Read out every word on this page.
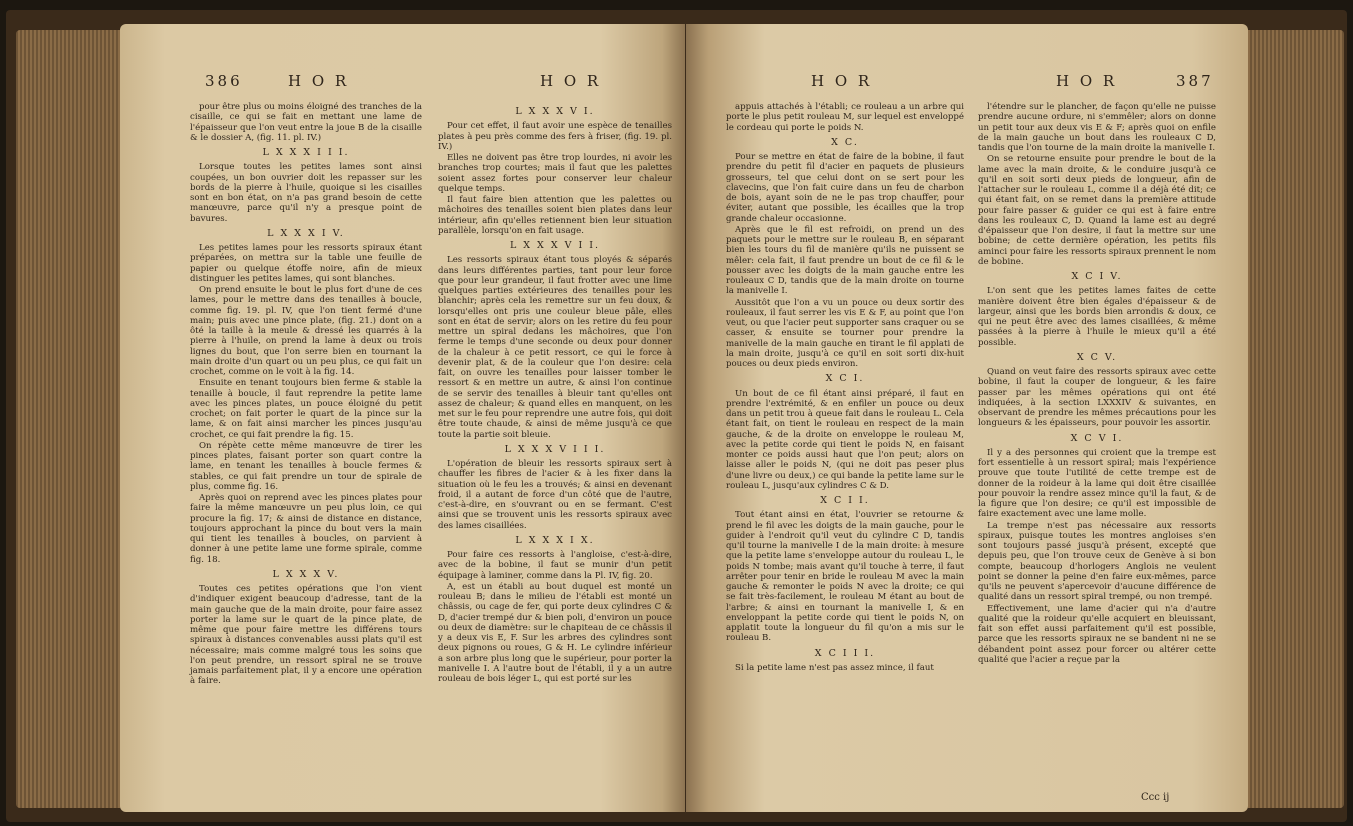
386	H O R	H O R

pour être plus ou moins éloigné des tranches de la cisaille, ce qui se fait en mettant une lame de l'épaisseur que l'on veut entre la joue B de la cisaille & le dossier A, (fig. 11. pl. IV.)

L X X X I I I.

Lorsque toutes les petites lames sont ainsi coupées, un bon ouvrier doit les repasser sur les bords de la pierre à l'huile, quoique si les cisailles sont en bon état, on n'a pas grand besoin de cette manœuvre, parce qu'il n'y a presque point de bavures.

L X X X I V.

Les petites lames pour les ressorts spiraux étant préparées, on mettra sur la table une feuille de papier ou quelque étoffe noire, afin de mieux distinguer les petites lames, qui sont blanches.

On prend ensuite le bout le plus fort d'une de ces lames, pour le mettre dans des tenailles à boucle, comme fig. 19. pl. IV, que l'on tient fermé d'une main; puis avec une pince plate, (fig. 21.) dont on a ôté la taille à la meule & dressé les quarrés à la pierre à l'huile, on prend la lame à deux ou trois lignes du bout, que l'on serre bien en tournant la main droite d'un quart ou un peu plus, ce qui fait un crochet, comme on le voit à la fig. 14.

Ensuite en tenant toujours bien ferme & stable la tenaille à boucle, il faut reprendre la petite lame avec les pinces plates, un pouce éloigné du petit crochet; on fait porter le quart de la pince sur la lame, & on fait ainsi marcher les pinces jusqu'au crochet, ce qui fait prendre la fig. 15.

On répète cette même manœuvre de tirer les pinces plates, faisant porter son quart contre la lame, en tenant les tenailles à boucle fermes & stables, ce qui fait prendre un tour de spirale de plus, comme fig. 16.

Après quoi on reprend avec les pinces plates pour faire la même manœuvre un peu plus loin, ce qui procure la fig. 17; & ainsi de distance en distance, toujours approchant la pince du bout vers la main qui tient les tenailles à boucles, on parvient à donner à une petite lame une forme spirale, comme fig. 18.

L X X X V.

Toutes ces petites opérations que l'on vient d'indiquer exigent beaucoup d'adresse, tant de la main gauche que de la main droite, pour faire assez porter la lame sur le quart de la pince plate, de même que pour faire mettre les différens tours spiraux à distances convenables aussi plats qu'il est nécessaire; mais comme malgré tous les soins que l'on peut prendre, un ressort spiral ne se trouve jamais parfaitement plat, il y a encore une opération à faire.

L X X X V I.

Pour cet effet, il faut avoir une espèce de tenailles plates à peu près comme des fers à friser, (fig. 19. pl. IV.)

Elles ne doivent pas être trop lourdes, ni avoir les branches trop courtes; mais il faut que les palettes soient assez fortes pour conserver leur chaleur quelque temps.

Il faut faire bien attention que les palettes ou mâchoires des tenailles soient bien plates dans leur intérieur, afin qu'elles retiennent bien leur situation parallèle, lorsqu'on en fait usage.

L X X X V I I.

Les ressorts spiraux étant tous ployés & séparés dans leurs différentes parties, tant pour leur force que pour leur grandeur, il faut frotter avec une lime quelques parties extérieures des tenailles pour les blanchir; après cela les remettre sur un feu doux, & lorsqu'elles ont pris une couleur bleue pâle, elles sont en état de servir; alors on les retire du feu pour mettre un spiral dedans les mâchoires, que l'on ferme le temps d'une seconde ou deux pour donner de la chaleur à ce petit ressort, ce qui le force à devenir plat, & de la couleur que l'on desire: cela fait, on ouvre les tenailles pour laisser tomber le ressort & en mettre un autre, & ainsi l'on continue de se servir des tenailles à bleuir tant qu'elles ont assez de chaleur; & quand elles en manquent, on les met sur le feu pour reprendre une autre fois, qui doit être toute chaude, & ainsi de même jusqu'à ce que toute la partie soit bleuie.

L X X X V I I I.

L'opération de bleuir les ressorts spiraux sert à chauffer les fibres de l'acier & à les fixer dans la situation où le feu les a trouvés; & ainsi en devenant froid, il a autant de force d'un côté que de l'autre, c'est-à-dire, en s'ouvrant ou en se fermant. C'est ainsi que se trouvent unis les ressorts spiraux avec des lames cisaillées.

L X X X I X.

Pour faire ces ressorts à l'angloise, c'est-à-dire, avec de la bobine, il faut se munir d'un petit équipage à laminer, comme dans la Pl. IV, fig. 20.

A, est un établi au bout duquel est monté un rouleau B; dans le milieu de l'établi est monté un châssis, ou cage de fer, qui porte deux cylindres C & D, d'acier trempé dur & bien poli, d'environ un pouce ou deux de diamètre: sur le chapiteau de ce châssis il y a deux vis E, F. Sur les arbres des cylindres sont deux pignons ou roues, G & H. Le cylindre inférieur a son arbre plus long que le supérieur, pour porter la manivelle I. A l'autre bout de l'établi, il y a un autre rouleau de bois léger L, qui est porté sur les

H O R	H O R	387

appuis attachés à l'établi; ce rouleau a un arbre qui porte le plus petit rouleau M, sur lequel est enveloppé le cordeau qui porte le poids N.

X C.

Pour se mettre en état de faire de la bobine, il faut prendre du petit fil d'acier en paquets de plusieurs grosseurs, tel que celui dont on se sert pour les clavecins, que l'on fait cuire dans un feu de charbon de bois, ayant soin de ne le pas trop chauffer, pour éviter, autant que possible, les écailles que la trop grande chaleur occasionne.

Après que le fil est refroidi, on prend un des paquets pour le mettre sur le rouleau B, en séparant bien les tours du fil de manière qu'ils ne puissent se mêler: cela fait, il faut prendre un bout de ce fil & le pousser avec les doigts de la main gauche entre les rouleaux C D, tandis que de la main droite on tourne la manivelle I.

Aussitôt que l'on a vu un pouce ou deux sortir des rouleaux, il faut serrer les vis E & F, au point que l'on veut, ou que l'acier peut supporter sans craquer ou se casser, & ensuite se tourner pour prendre la manivelle de la main gauche en tirant le fil applati de la main droite, jusqu'à ce qu'il en soit sorti dix-huit pouces ou deux pieds environ.

X C I.

Un bout de ce fil étant ainsi préparé, il faut en prendre l'extrémité, & en enfiler un pouce ou deux dans un petit trou à queue fait dans le rouleau L. Cela étant fait, on tient le rouleau en respect de la main gauche, & de la droite on enveloppe le rouleau M, avec la petite corde qui tient le poids N, en faisant monter ce poids aussi haut que l'on peut; alors on laisse aller le poids N, (qui ne doit pas peser plus d'une livre ou deux,) ce qui bande la petite lame sur le rouleau L, jusqu'aux cylindres C & D.

X C I I.

Tout étant ainsi en état, l'ouvrier se retourne & prend le fil avec les doigts de la main gauche, pour le guider à l'endroit qu'il veut du cylindre C D, tandis qu'il tourne la manivelle I de la main droite: à mesure que la petite lame s'enveloppe autour du rouleau L, le poids N tombe; mais avant qu'il touche à terre, il faut arrêter pour tenir en bride le rouleau M avec la main gauche & remonter le poids N avec la droite; ce qui se fait très-facilement, le rouleau M étant au bout de l'arbre; & ainsi en tournant la manivelle I, & en enveloppant la petite corde qui tient le poids N, on applatit toute la longueur du fil qu'on a mis sur le rouleau B.

X C I I I.

Si la petite lame n'est pas assez mince, il faut

l'étendre sur le plancher, de façon qu'elle ne puisse prendre aucune ordure, ni s'emmêler; alors on donne un petit tour aux deux vis E & F; après quoi on enfile de la main gauche un bout dans les rouleaux C D, tandis que l'on tourne de la main droite la manivelle I.

On se retourne ensuite pour prendre le bout de la lame avec la main droite, & le conduire jusqu'à ce qu'il en soit sorti deux pieds de longueur, afin de l'attacher sur le rouleau L, comme il a déjà été dit; ce qui étant fait, on se remet dans la première attitude pour faire passer & guider ce qui est à faire entre dans les rouleaux C, D. Quand la lame est au degré d'épaisseur que l'on desire, il faut la mettre sur une bobine; de cette dernière opération, les petits fils aminci pour faire les ressorts spiraux prennent le nom de bobine.

X C I V.

L'on sent que les petites lames faites de cette manière doivent être bien égales d'épaisseur & de largeur, ainsi que les bords bien arrondis & doux, ce qui ne peut être avec des lames cisaillées, & même passées à la pierre à l'huile le mieux qu'il a été possible.

X C V.

Quand on veut faire des ressorts spiraux avec cette bobine, il faut la couper de longueur, & les faire passer par les mêmes opérations qui ont été indiquées, à la section LXXXIV & suivantes, en observant de prendre les mêmes précautions pour les longueurs & les épaisseurs, pour pouvoir les assortir.

X C V I.

Il y a des personnes qui croient que la trempe est fort essentielle à un ressort spiral; mais l'expérience prouve que toute l'utilité de cette trempe est de donner de la roideur à la lame qui doit être cisaillée pour pouvoir la rendre assez mince qu'il la faut, & de la figure que l'on desire; ce qu'il est impossible de faire exactement avec une lame molle.

La trempe n'est pas nécessaire aux ressorts spiraux, puisque toutes les montres angloises s'en sont toujours passé jusqu'à présent, excepté que depuis peu, que l'on trouve ceux de Genève à si bon compte, beaucoup d'horlogers Anglois ne veulent point se donner la peine d'en faire eux-mêmes, parce qu'ils ne peuvent s'apercevoir d'aucune différence de qualité dans un ressort spiral trempé, ou non trempé.

Effectivement, une lame d'acier qui n'a d'autre qualité que la roideur qu'elle acquiert en bleuissant, fait son effet aussi parfaitement qu'il est possible, parce que les ressorts spiraux ne se bandent ni ne se débandent point assez pour forcer ou altérer cette qualité que l'acier a reçue par la

Ccc ij
